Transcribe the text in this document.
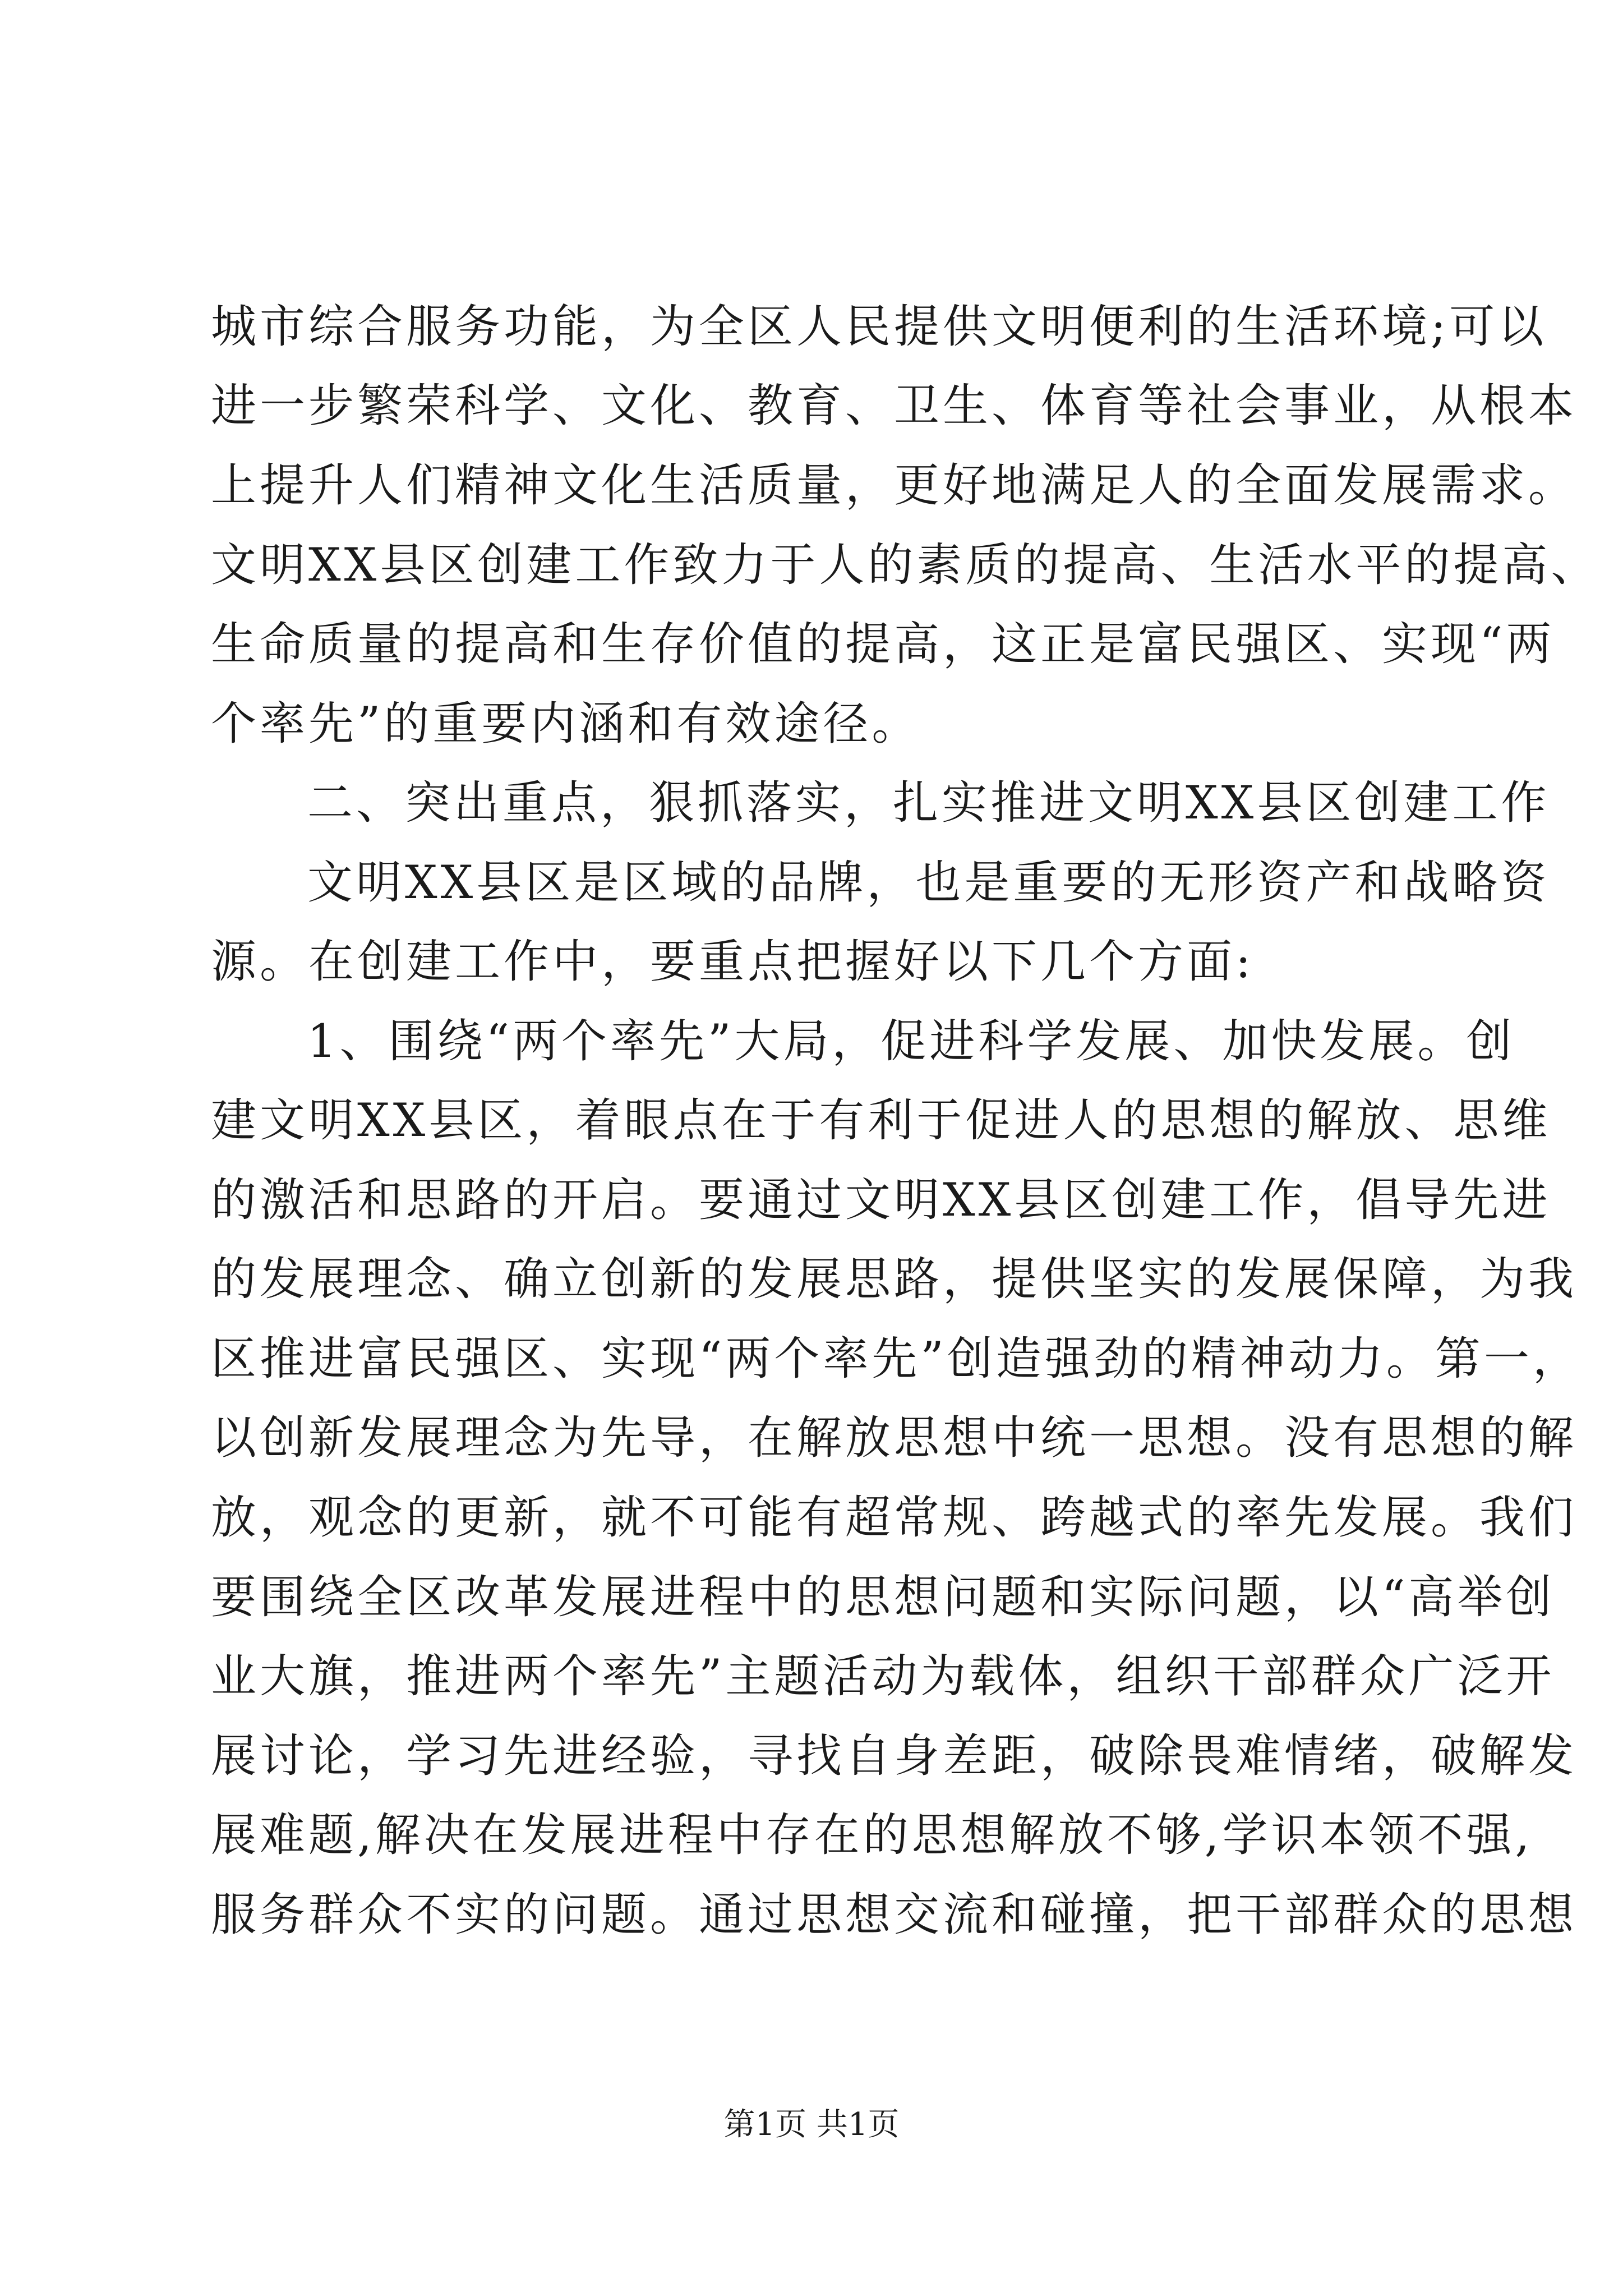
城市综合服务功能，为全区人民提供文明便利的生活环境;可以
进一步繁荣科学、文化、教育、卫生、体育等社会事业，从根本
上提升人们精神文化生活质量，更好地满足人的全面发展需求。
文明XX县区创建工作致力于人的素质的提高、生活水平的提高、
生命质量的提高和生存价值的提高，这正是富民强区、实现“两
个率先”的重要内涵和有效途径。
二、突出重点，狠抓落实，扎实推进文明XX县区创建工作
文明XX县区是区域的品牌，也是重要的无形资产和战略资
源。在创建工作中，要重点把握好以下几个方面:
1、围绕“两个率先”大局，促进科学发展、加快发展。创
建文明XX县区，着眼点在于有利于促进人的思想的解放、思维
的激活和思路的开启。要通过文明XX县区创建工作，倡导先进
的发展理念、确立创新的发展思路，提供坚实的发展保障，为我
区推进富民强区、实现“两个率先”创造强劲的精神动力。第一，
以创新发展理念为先导，在解放思想中统一思想。没有思想的解
放，观念的更新，就不可能有超常规、跨越式的率先发展。我们
要围绕全区改革发展进程中的思想问题和实际问题，以“高举创
业大旗，推进两个率先”主题活动为载体，组织干部群众广泛开
展讨论，学习先进经验，寻找自身差距，破除畏难情绪，破解发
展难题,解决在发展进程中存在的思想解放不够,学识本领不强,
服务群众不实的问题。通过思想交流和碰撞，把干部群众的思想
第1页 共1页
